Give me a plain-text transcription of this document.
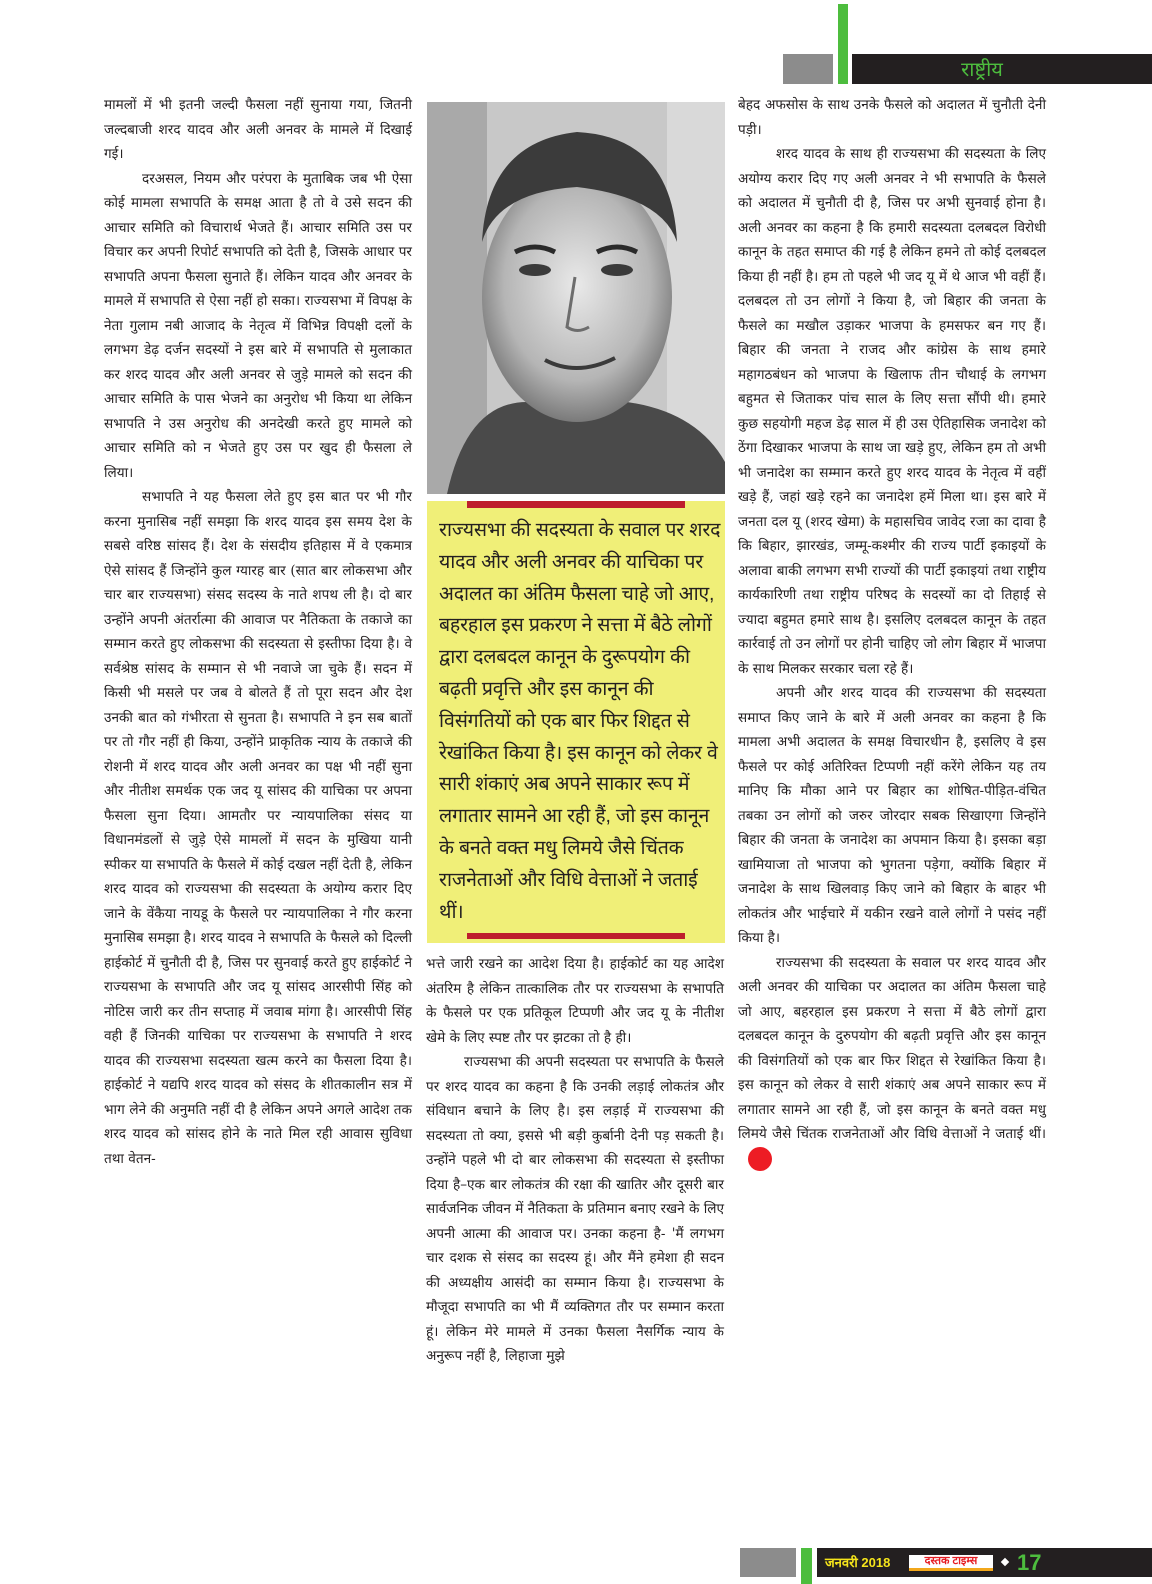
राष्ट्रीय

मामलों में भी इतनी जल्दी फैसला नहीं सुनाया गया, जितनी जल्दबाजी शरद यादव और अली अनवर के मामले में दिखाई गई।

दरअसल, नियम और परंपरा के मुताबिक जब भी ऐसा कोई मामला सभापति के समक्ष आता है तो वे उसे सदन की आचार समिति को विचारार्थ भेजते हैं। आचार समिति उस पर विचार कर अपनी रिपोर्ट सभापति को देती है, जिसके आधार पर सभापति अपना फैसला सुनाते हैं। लेकिन यादव और अनवर के मामले में सभापति से ऐसा नहीं हो सका। राज्यसभा में विपक्ष के नेता गुलाम नबी आजाद के नेतृत्व में विभिन्न विपक्षी दलों के लगभग डेढ़ दर्जन सदस्यों ने इस बारे में सभापति से मुलाकात कर शरद यादव और अली अनवर से जुड़े मामले को सदन की आचार समिति के पास भेजने का अनुरोध भी किया था लेकिन सभापति ने उस अनुरोध की अनदेखी करते हुए मामले को आचार समिति को न भेजते हुए उस पर खुद ही फैसला ले लिया।

सभापति ने यह फैसला लेते हुए इस बात पर भी गौर करना मुनासिब नहीं समझा कि शरद यादव इस समय देश के सबसे वरिष्ठ सांसद हैं। देश के संसदीय इतिहास में वे एकमात्र ऐसे सांसद हैं जिन्होंने कुल ग्यारह बार (सात बार लोकसभा और चार बार राज्यसभा) संसद सदस्य के नाते शपथ ली है। दो बार उन्होंने अपनी अंतर्रात्मा की आवाज पर नैतिकता के तकाजे का सम्मान करते हुए लोकसभा की सदस्यता से इस्तीफा दिया है। वे सर्वश्रेष्ठ सांसद के सम्मान से भी नवाजे जा चुके हैं। सदन में किसी भी मसले पर जब वे बोलते हैं तो पूरा सदन और देश उनकी बात को गंभीरता से सुनता है। सभापति ने इन सब बातों पर तो गौर नहीं ही किया, उन्होंने प्राकृतिक न्याय के तकाजे की रोशनी में शरद यादव और अली अनवर का पक्ष भी नहीं सुना और नीतीश समर्थक एक जद यू सांसद की याचिका पर अपना फैसला सुना दिया। आमतौर पर न्यायपालिका संसद या विधानमंडलों से जुड़े ऐसे मामलों में सदन के मुखिया यानी स्पीकर या सभापति के फैसले में कोई दखल नहीं देती है, लेकिन शरद यादव को राज्यसभा की सदस्यता के अयोग्य करार दिए जाने के वेंकैया नायडू के फैसले पर न्यायपालिका ने गौर करना मुनासिब समझा है। शरद यादव ने सभापति के फैसले को दिल्ली हाईकोर्ट में चुनौती दी है, जिस पर सुनवाई करते हुए हाईकोर्ट ने राज्यसभा के सभापति और जद यू सांसद आरसीपी सिंह को नोटिस जारी कर तीन सप्ताह में जवाब मांगा है। आरसीपी सिंह वही हैं जिनकी याचिका पर राज्यसभा के सभापति ने शरद यादव की राज्यसभा सदस्यता खत्म करने का फैसला दिया है। हाईकोर्ट ने यद्यपि शरद यादव को संसद के शीतकालीन सत्र में भाग लेने की अनुमति नहीं दी है लेकिन अपने अगले आदेश तक शरद यादव को सांसद होने के नाते मिल रही आवास सुविधा तथा वेतन-

राज्यसभा की सदस्यता के सवाल पर शरद यादव और अली अनवर की याचिका पर अदालत का अंतिम फैसला चाहे जो आए, बहरहाल इस प्रकरण ने सत्ता में बैठे लोगों द्वारा दलबदल कानून के दुरूपयोग की बढ़ती प्रवृत्ति और इस कानून की विसंगतियों को एक बार फिर शिद्दत से रेखांकित किया है। इस कानून को लेकर वे सारी शंकाएं अब अपने साकार रूप में लगातार सामने आ रही हैं, जो इस कानून के बनते वक्त मधु लिमये जैसे चिंतक राजनेताओं और विधि वेत्ताओं ने जताई थीं।

भत्ते जारी रखने का आदेश दिया है। हाईकोर्ट का यह आदेश अंतरिम है लेकिन तात्कालिक तौर पर राज्यसभा के सभापति के फैसले पर एक प्रतिकूल टिप्पणी और जद यू के नीतीश खेमे के लिए स्पष्ट तौर पर झटका तो है ही।

राज्यसभा की अपनी सदस्यता पर सभापति के फैसले पर शरद यादव का कहना है कि उनकी लड़ाई लोकतंत्र और संविधान बचाने के लिए है। इस लड़ाई में राज्यसभा की सदस्यता तो क्या, इससे भी बड़ी कुर्बानी देनी पड़ सकती है। उन्होंने पहले भी दो बार लोकसभा की सदस्यता से इस्तीफा दिया है–एक बार लोकतंत्र की रक्षा की खातिर और दूसरी बार सार्वजनिक जीवन में नैतिकता के प्रतिमान बनाए रखने के लिए अपनी आत्मा की आवाज पर। उनका कहना है- 'मैं लगभग चार दशक से संसद का सदस्य हूं। और मैंने हमेशा ही सदन की अध्यक्षीय आसंदी का सम्मान किया है। राज्यसभा के मौजूदा सभापति का भी मैं व्यक्तिगत तौर पर सम्मान करता हूं। लेकिन मेरे मामले में उनका फैसला नैसर्गिक न्याय के अनुरूप नहीं है, लिहाजा मुझे

बेहद अफसोस के साथ उनके फैसले को अदालत में चुनौती देनी पड़ी।

शरद यादव के साथ ही राज्यसभा की सदस्यता के लिए अयोग्य करार दिए गए अली अनवर ने भी सभापति के फैसले को अदालत में चुनौती दी है, जिस पर अभी सुनवाई होना है। अली अनवर का कहना है कि हमारी सदस्यता दलबदल विरोधी कानून के तहत समाप्त की गई है लेकिन हमने तो कोई दलबदल किया ही नहीं है। हम तो पहले भी जद यू में थे आज भी वहीं हैं। दलबदल तो उन लोगों ने किया है, जो बिहार की जनता के फैसले का मखौल उड़ाकर भाजपा के हमसफर बन गए हैं। बिहार की जनता ने राजद और कांग्रेस के साथ हमारे महागठबंधन को भाजपा के खिलाफ तीन चौथाई के लगभग बहुमत से जिताकर पांच साल के लिए सत्ता सौंपी थी। हमारे कुछ सहयोगी महज डेढ़ साल में ही उस ऐतिहासिक जनादेश को ठेंगा दिखाकर भाजपा के साथ जा खड़े हुए, लेकिन हम तो अभी भी जनादेश का सम्मान करते हुए शरद यादव के नेतृत्व में वहीं खड़े हैं, जहां खड़े रहने का जनादेश हमें मिला था। इस बारे में जनता दल यू (शरद खेमा) के महासचिव जावेद रजा का दावा है कि बिहार, झारखंड, जम्मू-कश्मीर की राज्य पार्टी इकाइयों के अलावा बाकी लगभग सभी राज्यों की पार्टी इकाइयां तथा राष्ट्रीय कार्यकारिणी तथा राष्ट्रीय परिषद के सदस्यों का दो तिहाई से ज्यादा बहुमत हमारे साथ है। इसलिए दलबदल कानून के तहत कार्रवाई तो उन लोगों पर होनी चाहिए जो लोग बिहार में भाजपा के साथ मिलकर सरकार चला रहे हैं।

अपनी और शरद यादव की राज्यसभा की सदस्यता समाप्त किए जाने के बारे में अली अनवर का कहना है कि मामला अभी अदालत के समक्ष विचारधीन है, इसलिए वे इस फैसले पर कोई अतिरिक्त टिप्पणी नहीं करेंगे लेकिन यह तय मानिए कि मौका आने पर बिहार का शोषित-पीड़ित-वंचित तबका उन लोगों को जरुर जोरदार सबक सिखाएगा जिन्होंने बिहार की जनता के जनादेश का अपमान किया है। इसका बड़ा खामियाजा तो भाजपा को भुगतना पड़ेगा, क्योंकि बिहार में जनादेश के साथ खिलवाड़ किए जाने को बिहार के बाहर भी लोकतंत्र और भाईचारे में यकीन रखने वाले लोगों ने पसंद नहीं किया है।

राज्यसभा की सदस्यता के सवाल पर शरद यादव और अली अनवर की याचिका पर अदालत का अंतिम फैसला चाहे जो आए, बहरहाल इस प्रकरण ने सत्ता में बैठे लोगों द्वारा दलबदल कानून के दुरुपयोग की बढ़ती प्रवृत्ति और इस कानून की विसंगतियों को एक बार फिर शिद्दत से रेखांकित किया है। इस कानून को लेकर वे सारी शंकाएं अब अपने साकार रूप में लगातार सामने आ रही हैं, जो इस कानून के बनते वक्त मधु लिमये जैसे चिंतक राजनेताओं और विधि वेत्ताओं ने जताई थीं।

जनवरी 2018	दस्तक टाइम्स	17
